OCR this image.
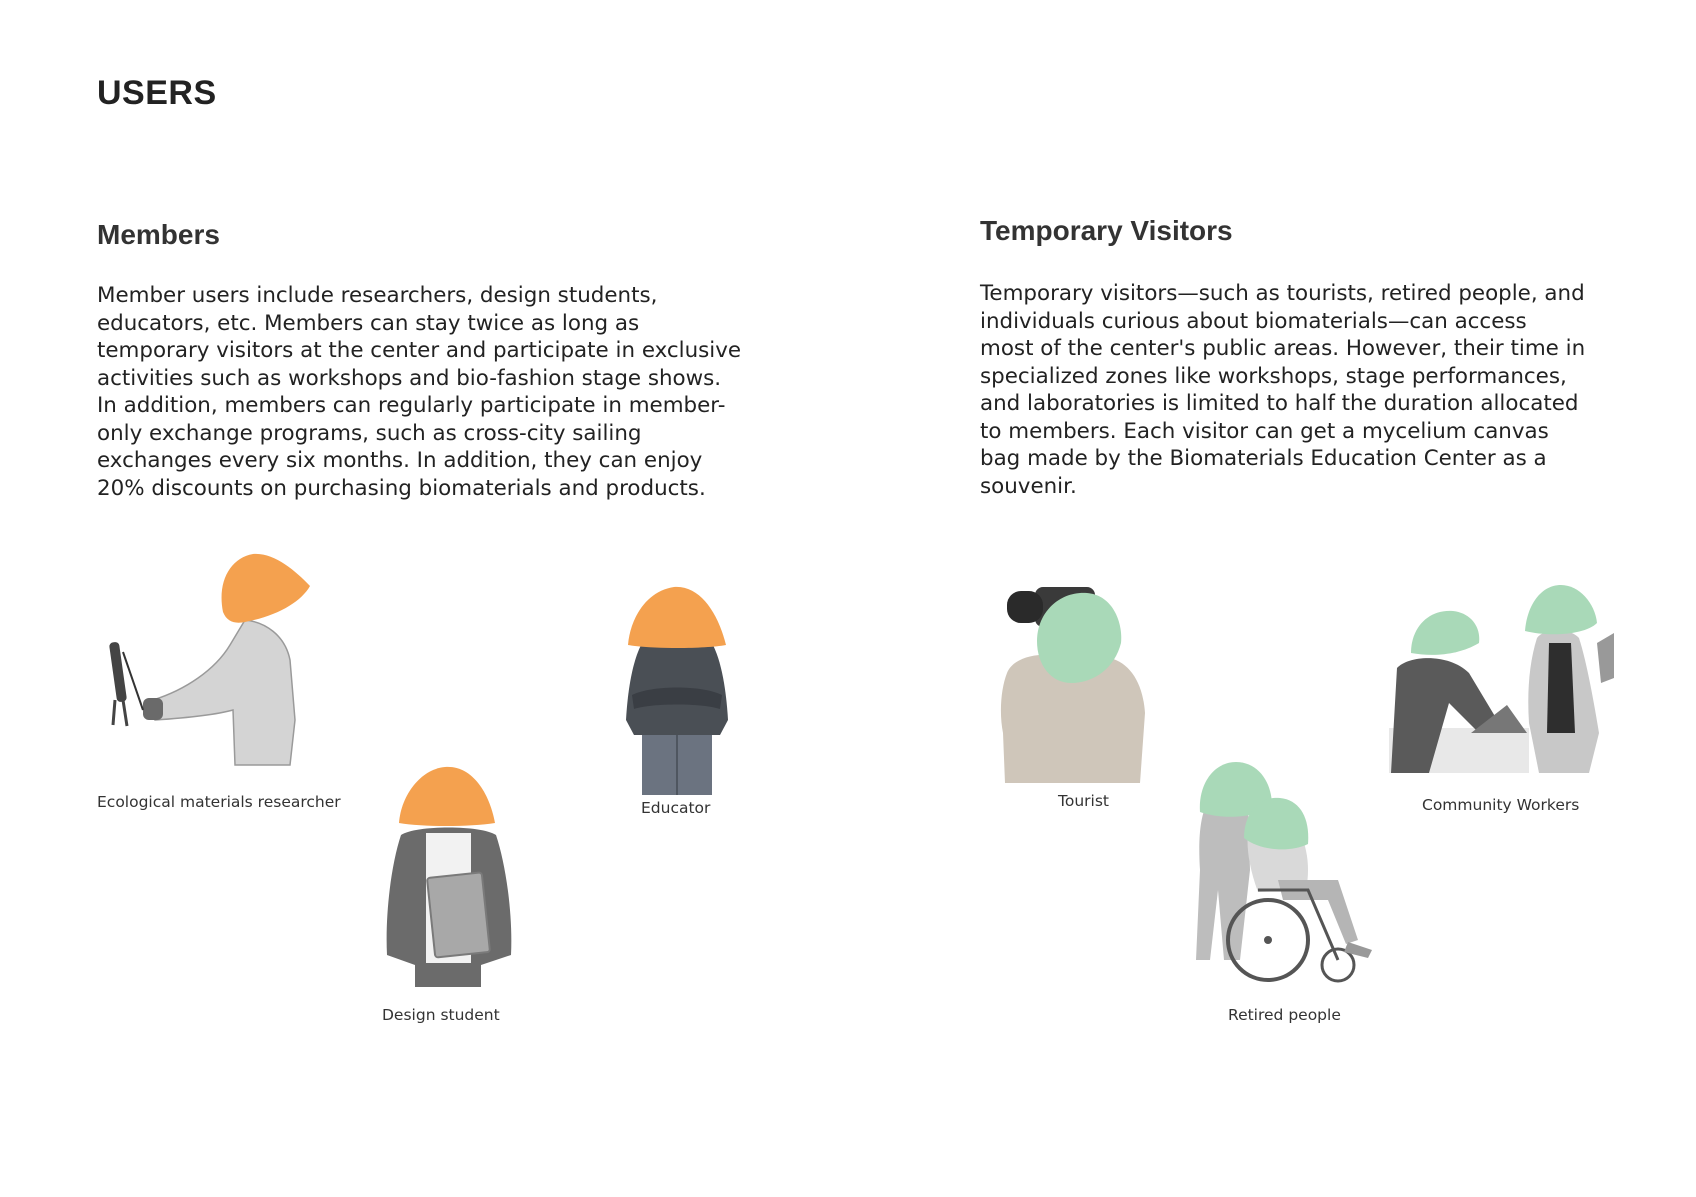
USERS
Members

Member users include researchers, design students,
educators, etc. Members can stay twice as long as
temporary visitors at the center and participate in exclusive
activities such as workshops and bio-fashion stage shows.
In addition, members can regularly participate in member-
only exchange programs, such as cross-city sailing
exchanges every six months. In addition, they can enjoy
20% discounts on purchasing biomaterials and products.

Temporary Visitors

Temporary visitors—such as tourists, retired people, and
individuals curious about biomaterials—can access
most of the center's public areas. However, their time in
specialized zones like workshops, stage performances,
and laboratories is limited to half the duration allocated
to members. Each visitor can get a mycelium canvas
bag made by the Biomaterials Education Center as a
souvenir.

Ecological materials researcher	Educator
Design student
Tourist	Community Workers
Retired people
